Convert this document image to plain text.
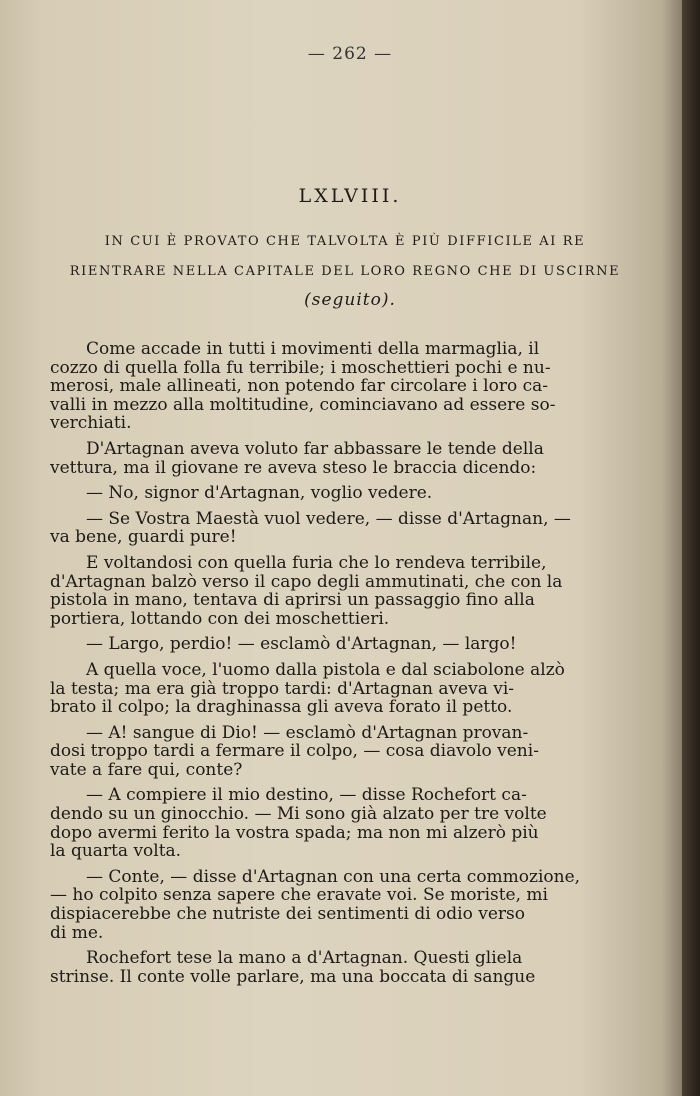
— 262 —
LXLVIII.
IN CUI È PROVATO CHE TALVOLTA È PIÙ DIFFICILE AI RE
RIENTRARE NELLA CAPITALE DEL LORO REGNO CHE DI USCIRNE
(seguito).

Come accade in tutti i movimenti della marmaglia, il
cozzo di quella folla fu terribile; i moschettieri pochi e nu-
merosi, male allineati, non potendo far circolare i loro ca-
valli in mezzo alla moltitudine, cominciavano ad essere so-
verchiati.

D'Artagnan aveva voluto far abbassare le tende della
vettura, ma il giovane re aveva steso le braccia dicendo:

— No, signor d'Artagnan, voglio vedere.

— Se Vostra Maestà vuol vedere, — disse d'Artagnan, —
va bene, guardi pure!

E voltandosi con quella furia che lo rendeva terribile,
d'Artagnan balzò verso il capo degli ammutinati, che con la
pistola in mano, tentava di aprirsi un passaggio fino alla
portiera, lottando con dei moschettieri.

— Largo, perdio! — esclamò d'Artagnan, — largo!

A quella voce, l'uomo dalla pistola e dal sciabolone alzò
la testa; ma era già troppo tardi: d'Artagnan aveva vi-
brato il colpo; la draghinassa gli aveva forato il petto.

— A! sangue di Dio! — esclamò d'Artagnan provan-
dosi troppo tardi a fermare il colpo, — cosa diavolo veni-
vate a fare qui, conte?

— A compiere il mio destino, — disse Rochefort ca-
dendo su un ginocchio. — Mi sono già alzato per tre volte
dopo avermi ferito la vostra spada; ma non mi alzerò più
la quarta volta.

— Conte, — disse d'Artagnan con una certa commozione,
— ho colpito senza sapere che eravate voi. Se moriste, mi
dispiacerebbe che nutriste dei sentimenti di odio verso
di me.

Rochefort tese la mano a d'Artagnan. Questi gliela
strinse. Il conte volle parlare, ma una boccata di sangue
